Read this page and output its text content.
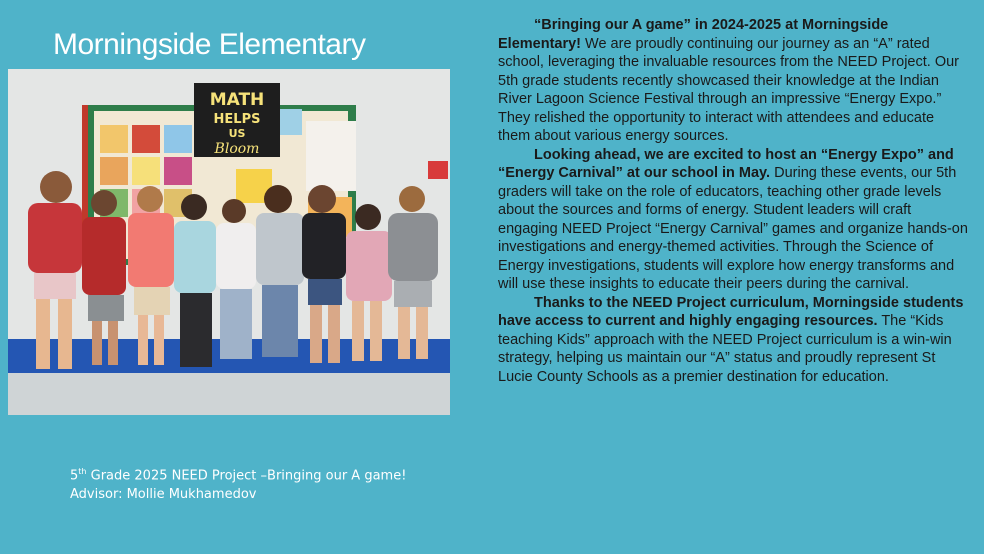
Morningside Elementary
MATH
HELPS
US
Bloom
5th Grade 2025 NEED Project –Bringing our A game!
Advisor: Mollie Mukhamedov

“Bringing our A game” in 2024-2025 at Morningside Elementary! We are proudly continuing our journey as an “A” rated school, leveraging the invaluable resources from the NEED Project. Our 5th grade students recently showcased their knowledge at the Indian River Lagoon Science Festival through an impressive “Energy Expo.” They relished the opportunity to interact with attendees and educate them about various energy sources.

Looking ahead, we are excited to host an “Energy Expo” and “Energy Carnival” at our school in May. During these events, our 5th graders will take on the role of educators, teaching other grade levels about the sources and forms of energy. Student leaders will craft engaging NEED Project “Energy Carnival” games and organize hands-on investigations and energy-themed activities. Through the Science of Energy investigations, students will explore how energy transforms and will use these insights to educate their peers during the carnival.

Thanks to the NEED Project curriculum, Morningside students have access to current and highly engaging resources. The “Kids teaching Kids” approach with the NEED Project curriculum is a win-win strategy, helping us maintain our “A” status and proudly represent St Lucie County Schools as a premier destination for education.
